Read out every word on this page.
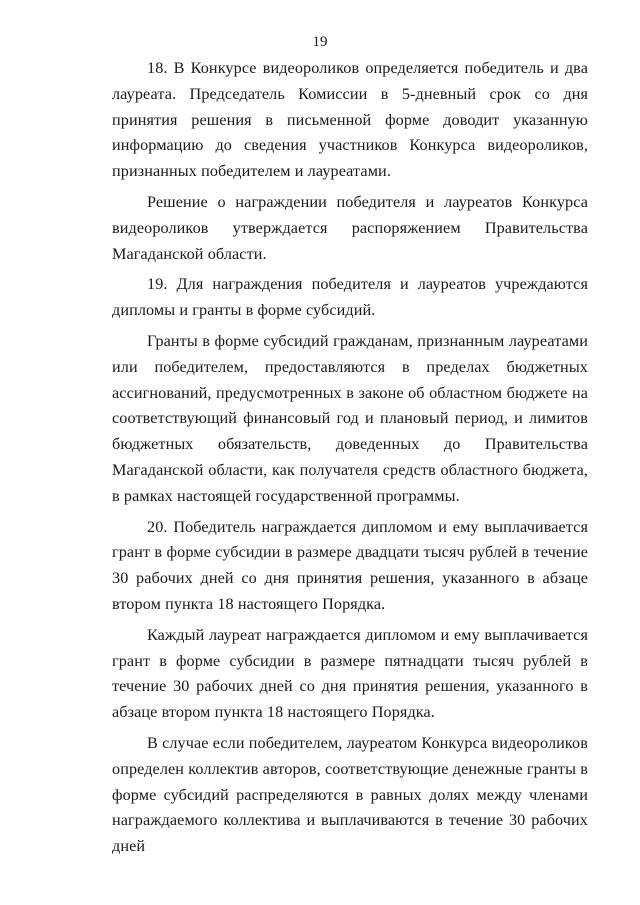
19

18. В Конкурсе видеороликов определяется победитель и два лауреата. Председатель Комиссии в 5-дневный срок со дня принятия решения в письменной форме доводит указанную информацию до сведения участников Конкурса видеороликов, признанных победителем и лауреатами.

Решение о награждении победителя и лауреатов Конкурса видеороликов утверждается распоряжением Правительства Магаданской области.

19. Для награждения победителя и лауреатов учреждаются дипломы и гранты в форме субсидий.

Гранты в форме субсидий гражданам, признанным лауреатами или победителем, предоставляются в пределах бюджетных ассигнований, предусмотренных в законе об областном бюджете на соответствующий финансовый год и плановый период, и лимитов бюджетных обязательств, доведенных до Правительства Магаданской области, как получателя средств областного бюджета, в рамках настоящей государственной программы.

20. Победитель награждается дипломом и ему выплачивается грант в форме субсидии в размере двадцати тысяч рублей в течение 30 рабочих дней со дня принятия решения, указанного в абзаце втором пункта 18 настоящего Порядка.

Каждый лауреат награждается дипломом и ему выплачивается грант в форме субсидии в размере пятнадцати тысяч рублей в течение 30 рабочих дней со дня принятия решения, указанного в абзаце втором пункта 18 настоящего Порядка.

В случае если победителем, лауреатом Конкурса видеороликов определен коллектив авторов, соответствующие денежные гранты в форме субсидий распределяются в равных долях между членами награждаемого коллектива и выплачиваются в течение 30 рабочих дней
